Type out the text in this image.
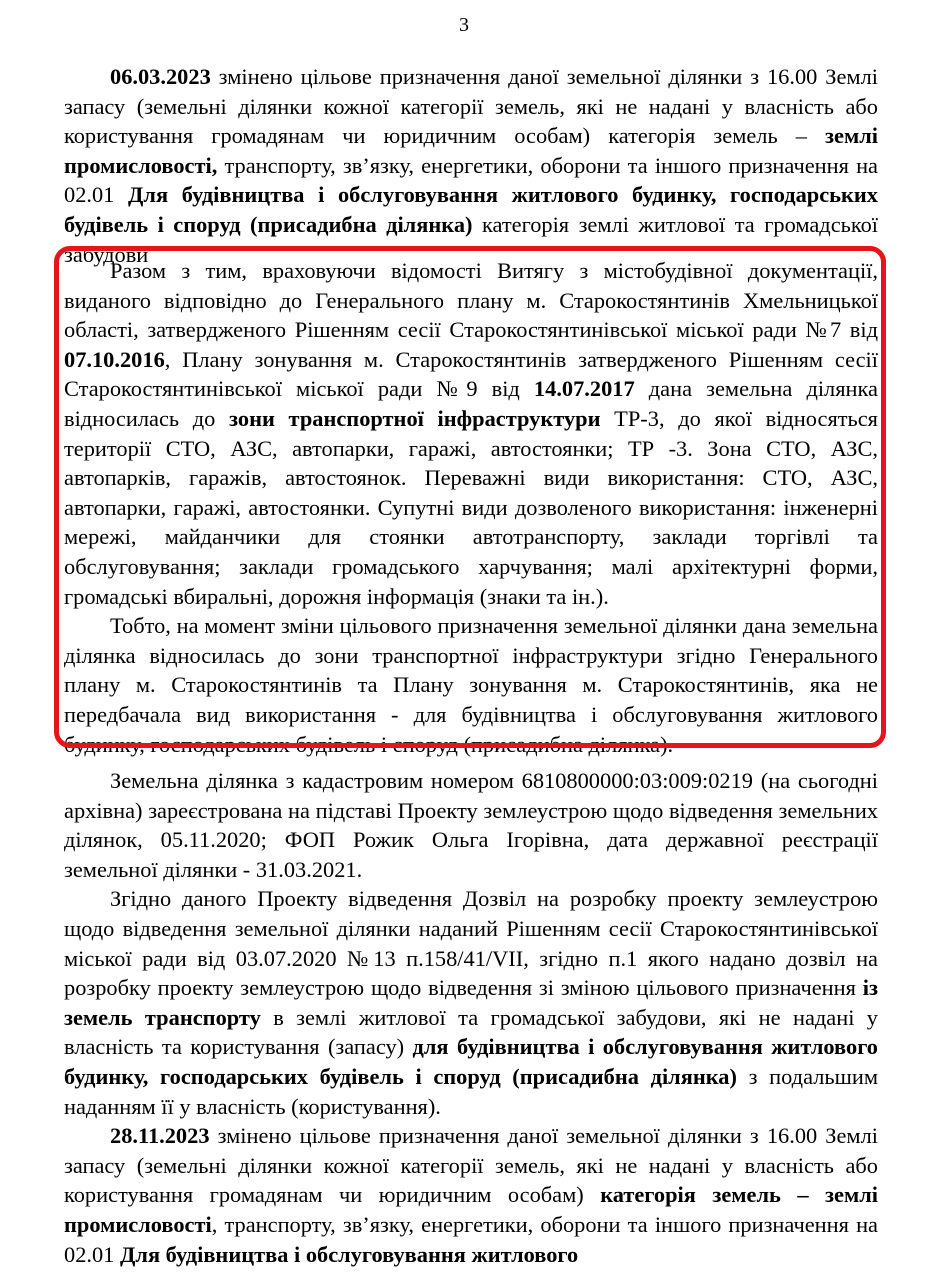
3

06.03.2023 змінено цільове призначення даної земельної ділянки з 16.00 Землі запасу (земельні ділянки кожної категорії земель, які не надані у власність або користування громадянам чи юридичним особам) категорія земель – землі промисловості, транспорту, зв’язку, енергетики, оборони та іншого призначення на 02.01 Для будівництва і обслуговування житлового будинку, господарських будівель і споруд (присадибна ділянка) категорія землі житлової та громадської забудови

Разом з тим, враховуючи відомості Витягу з містобудівної документації, виданого відповідно до Генерального плану м. Старокостянтинів Хмельницької області, затвердженого Рішенням сесії Старокостянтинівської міської ради №7 від 07.10.2016, Плану зонування м. Старокостянтинів затвердженого Рішенням сесії Старокостянтинівської міської ради №9 від 14.07.2017 дана земельна ділянка відносилась до зони транспортної інфраструктури ТР-3, до якої відносяться території СТО, АЗС, автопарки, гаражі, автостоянки; ТР -3. Зона СТО, АЗС, автопарків, гаражів, автостоянок. Переважні види використання: СТО, АЗС, автопарки, гаражі, автостоянки. Супутні види дозволеного використання: інженерні мережі, майданчики для стоянки автотранспорту, заклади торгівлі та обслуговування; заклади громадського харчування; малі архітектурні форми, громадські вбиральні, дорожня інформація (знаки та ін.).

Тобто, на момент зміни цільового призначення земельної ділянки дана земельна ділянка відносилась до зони транспортної інфраструктури згідно Генерального плану м. Старокостянтинів та Плану зонування м. Старокостянтинів, яка не передбачала вид використання - для будівництва і обслуговування житлового будинку, господарських будівель і споруд (присадибна ділянка).

Земельна ділянка з кадастровим номером 6810800000:03:009:0219 (на сьогодні архівна) зареєстрована на підставі Проекту землеустрою щодо відведення земельних ділянок, 05.11.2020; ФОП Рожик Ольга Ігорівна, дата державної реєстрації земельної ділянки - 31.03.2021.

Згідно даного Проекту відведення Дозвіл на розробку проекту землеустрою щодо відведення земельної ділянки наданий Рішенням сесії Старокостянтинівської міської ради від 03.07.2020 №13 п.158/41/VII, згідно п.1 якого надано дозвіл на розробку проекту землеустрою щодо відведення зі зміною цільового призначення із земель транспорту в землі житлової та громадської забудови, які не надані у власність та користування (запасу) для будівництва і обслуговування житлового будинку, господарських будівель і споруд (присадибна ділянка) з подальшим наданням її у власність (користування).

28.11.2023 змінено цільове призначення даної земельної ділянки з 16.00 Землі запасу (земельні ділянки кожної категорії земель, які не надані у власність або користування громадянам чи юридичним особам) категорія земель – землі промисловості, транспорту, зв’язку, енергетики, оборони та іншого призначення на 02.01 Для будівництва і обслуговування житлового
